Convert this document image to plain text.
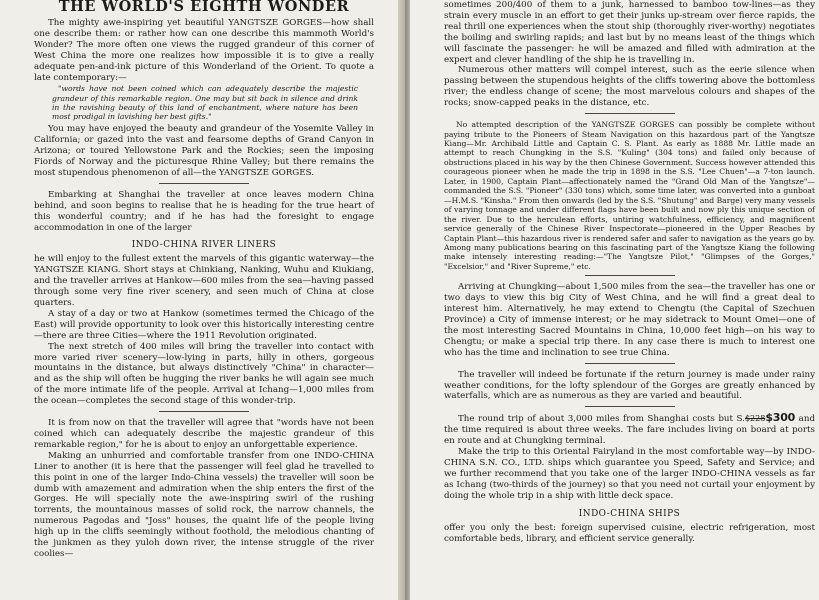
THE WORLD'S EIGHTH WONDER

The mighty awe-inspiring yet beautiful YANGTSZE GORGES—how shall one describe them: or rather how can one describe this mammoth World's Wonder? The more often one views the rugged grandeur of this corner of West China the more one realizes how impossible it is to give a really adequate pen-and-ink picture of this Wonderland of the Orient. To quote a late contemporary:—

"words have not been coined which can adequately describe the majestic grandeur of this remarkable region. One may but sit back in silence and drink in the ravishing beauty of this land of enchantment, where nature has been most prodigal in lavishing her best gifts."

You may have enjoyed the beauty and grandeur of the Yosemite Valley in California; or gazed into the vast and fearsome depths of Grand Canyon in Arizona; or toured Yellowstone Park and the Rockies; seen the imposing Fiords of Norway and the picturesque Rhine Valley; but there remains the most stupendous phenomenon of all—the YANGTSZE GORGES.

Embarking at Shanghai the traveller at once leaves modern China behind, and soon begins to realise that he is heading for the true heart of this wonderful country; and if he has had the foresight to engage accommodation in one of the larger

INDO-CHINA RIVER LINERS

he will enjoy to the fullest extent the marvels of this gigantic waterway—the YANGTSZE KIANG. Short stays at Chinkiang, Nanking, Wuhu and Kiukiang, and the traveller arrives at Hankow—600 miles from the sea—having passed through some very fine river scenery, and seen much of China at close quarters.

A stay of a day or two at Hankow (sometimes termed the Chicago of the East) will provide opportunity to look over this historically interesting centre—there are three Cities—where the 1911 Revolution originated.

The next stretch of 400 miles will bring the traveller into contact with more varied river scenery—low-lying in parts, hilly in others, gorgeous mountains in the distance, but always distinctively "China" in character—and as the ship will often be hugging the river banks he will again see much of the more intimate life of the people. Arrival at Ichang—1,000 miles from the ocean—completes the second stage of this wonder-trip.

It is from now on that the traveller will agree that "words have not been coined which can adequately describe the majestic grandeur of this remarkable region," for he is about to enjoy an unforgettable experience.

Making an unhurried and comfortable transfer from one INDO-CHINA Liner to another (it is here that the passenger will feel glad he travelled to this point in one of the larger Indo-China vessels) the traveller will soon be dumb with amazement and admiration when the ship enters the first of the Gorges. He will specially note the awe-inspiring swirl of the rushing torrents, the mountainous masses of solid rock, the narrow channels, the numerous Pagodas and "Joss" houses, the quaint life of the people living high up in the cliffs seemingly without foothold, the melodious chanting of the junkmen as they yuloh down river, the intense struggle of the river coolies—

sometimes 200/400 of them to a junk, harnessed to bamboo tow-lines—as they strain every muscle in an effort to get their junks up-stream over fierce rapids, the real thrill one experiences when the stout ship (thoroughly river-worthy) negotiates the boiling and swirling rapids; and last but by no means least of the things which will fascinate the passenger: he will be amazed and filled with admiration at the expert and clever handling of the ship he is travelling in.

Numerous other matters will compel interest, such as the eerie silence when passing between the stupendous heights of the cliffs towering above the bottomless river; the endless change of scene; the most marvelous colours and shapes of the rocks; snow-capped peaks in the distance, etc.

No attempted description of the YANGTSZE GORGES can possibly be complete without paying tribute to the Pioneers of Steam Navigation on this hazardous part of the Yangtsze Kiang—Mr. Archibald Little and Captain C. S. Plant. As early as 1888 Mr. Little made an attempt to reach Chungking in the S.S. "Kuling" (304 tons) and failed only because of obstructions placed in his way by the then Chinese Government. Success however attended this courageous pioneer when he made the trip in 1898 in the S.S. "Lee Chuen"—a 7-ton launch. Later, in 1900, Captain Plant—affectionately named the "Grand Old Man of the Yangtsze"—commanded the S.S. "Pioneer" (330 tons) which, some time later, was converted into a gunboat—H.M.S. "Kinsha." From then onwards (led by the S.S. "Shutung" and Barge) very many vessels of varying tonnage and under different flags have been built and now ply this unique section of the river. Due to the herculean efforts, untiring watchfulness, efficiency, and magnificent service generally of the Chinese River Inspectorate—pioneered in the Upper Reaches by Captain Plant—this hazardous river is rendered safer and safer to navigation as the years go by. Among many publications bearing on this fascinating part of the Yangtsze Kiang the following make intensely interesting reading:—"The Yangtsze Pilot," "Glimpses of the Gorges," "Excelsior," and "River Supreme," etc.

Arriving at Chungking—about 1,500 miles from the sea—the traveller has one or two days to view this big City of West China, and he will find a great deal to interest him. Alternatively, he may extend to Chengtu (the Capital of Szechuen Province) a City of immense interest; or he may sidetrack to Mount Omei—one of the most interesting Sacred Mountains in China, 10,000 feet high—on his way to Chengtu; or make a special trip there. In any case there is much to interest one who has the time and inclination to see true China.

The traveller will indeed be fortunate if the return journey is made under rainy weather conditions, for the lofty splendour of the Gorges are greatly enhanced by waterfalls, which are as numerous as they are varied and beautiful.

The round trip of about 3,000 miles from Shanghai costs but S.$228$300 and the time required is about three weeks. The fare includes living on board at ports en route and at Chungking terminal.

Make the trip to this Oriental Fairyland in the most comfortable way—by INDO-CHINA S.N. CO., LTD. ships which guarantee you Speed, Safety and Service; and we further recommend that you take one of the larger INDO-CHINA vessels as far as Ichang (two-thirds of the journey) so that you need not curtail your enjoyment by doing the whole trip in a ship with little deck space.

INDO-CHINA SHIPS

offer you only the best: foreign supervised cuisine, electric refrigeration, most comfortable beds, library, and efficient service generally.
